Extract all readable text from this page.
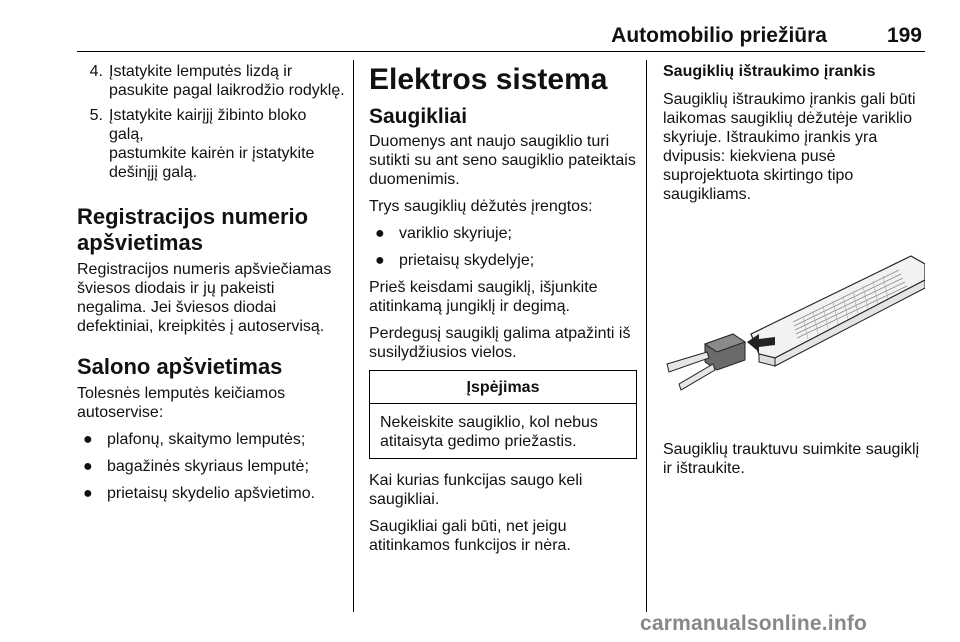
Automobilio priežiūra	199
4. Įstatykite lemputės lizdą ir
pasukite pagal laikrodžio rodyklę.
5. Įstatykite kairįjį žibinto bloko galą,
pastumkite kairėn ir įstatykite
dešinįjį galą.
Registracijos numerio
apšvietimas

Registracijos numeris apšviečiamas
šviesos diodais ir jų pakeisti
negalima. Jei šviesos diodai
defektiniai, kreipkitės į autoservisą.

Salono apšvietimas

Tolesnės lemputės keičiamos
autoservise:

● plafonų, skaitymo lemputės;
● bagažinės skyriaus lemputė;
● prietaisų skydelio apšvietimo.
Elektros sistema
Saugikliai

Duomenys ant naujo saugiklio turi
sutikti su ant seno saugiklio pateiktais
duomenimis.

Trys saugiklių dėžutės įrengtos:

● variklio skyriuje;
● prietaisų skydelyje;

Prieš keisdami saugiklį, išjunkite
atitinkamą jungiklį ir degimą.

Perdegusį saugiklį galima atpažinti iš
susilydžiusios vielos.

Įspėjimas
Nekeiskite saugiklio, kol nebus
atitaisyta gedimo priežastis.

Kai kurias funkcijas saugo keli
saugikliai.

Saugikliai gali būti, net jeigu
atitinkamos funkcijos ir nėra.

Saugiklių ištraukimo įrankis

Saugiklių ištraukimo įrankis gali būti
laikomas saugiklių dėžutėje variklio
skyriuje. Ištraukimo įrankis yra
dvipusis: kiekviena pusė
suprojektuota skirtingo tipo
saugikliams.

Saugiklių trauktuvu suimkite saugiklį
ir ištraukite.

carmanualsonline.info
